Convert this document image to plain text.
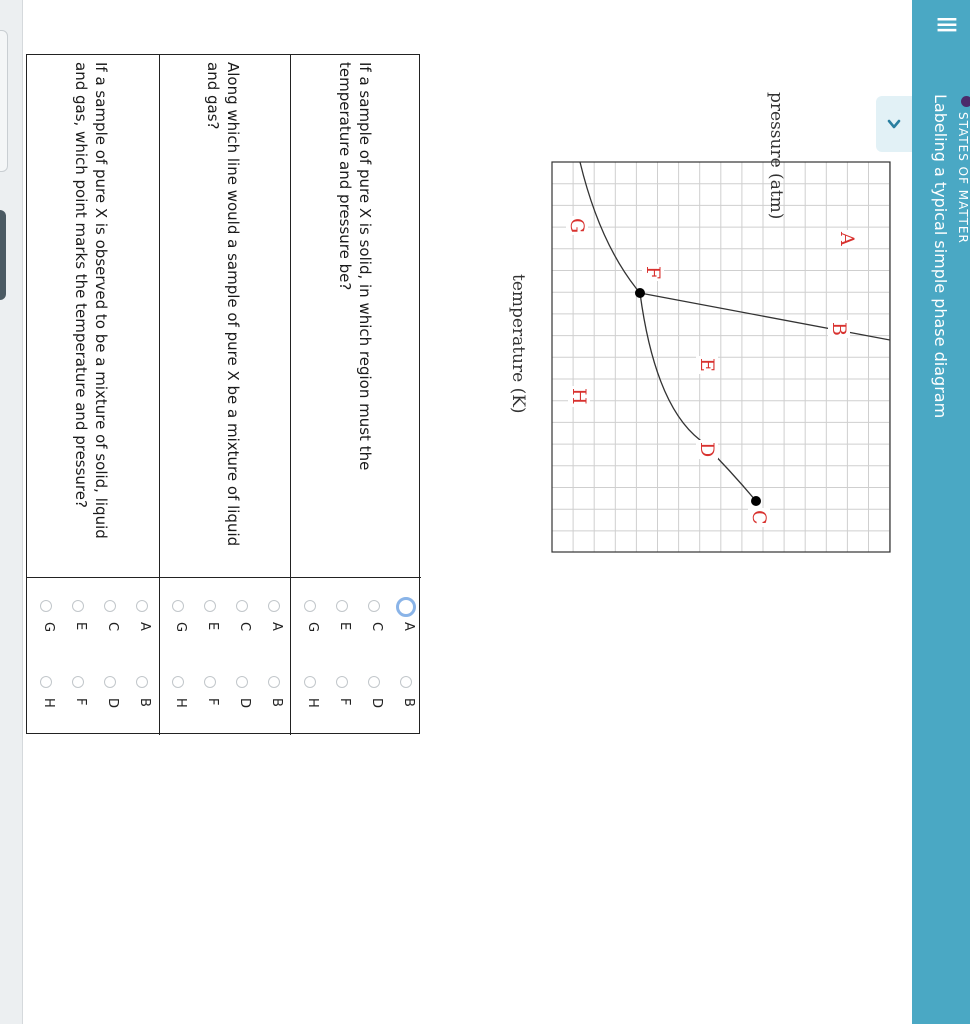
≡
STATES OF MATTER
Labeling a typical simple phase diagram
pressure (atm)
temperature (K)
A
B
C
D
E
F
G
H
If a sample of pure X is solid, in which region must the
temperature and pressure be?
Along which line would a sample of pure X be a mixture of liquid
and gas?
If a sample of pure X is observed to be a mixture of solid, liquid
and gas, which point marks the temperature and pressure?
A
B
C
D
E
F
G
H
A
B
C
D
E
F
G
H
A
B
C
D
E
F
G
H
